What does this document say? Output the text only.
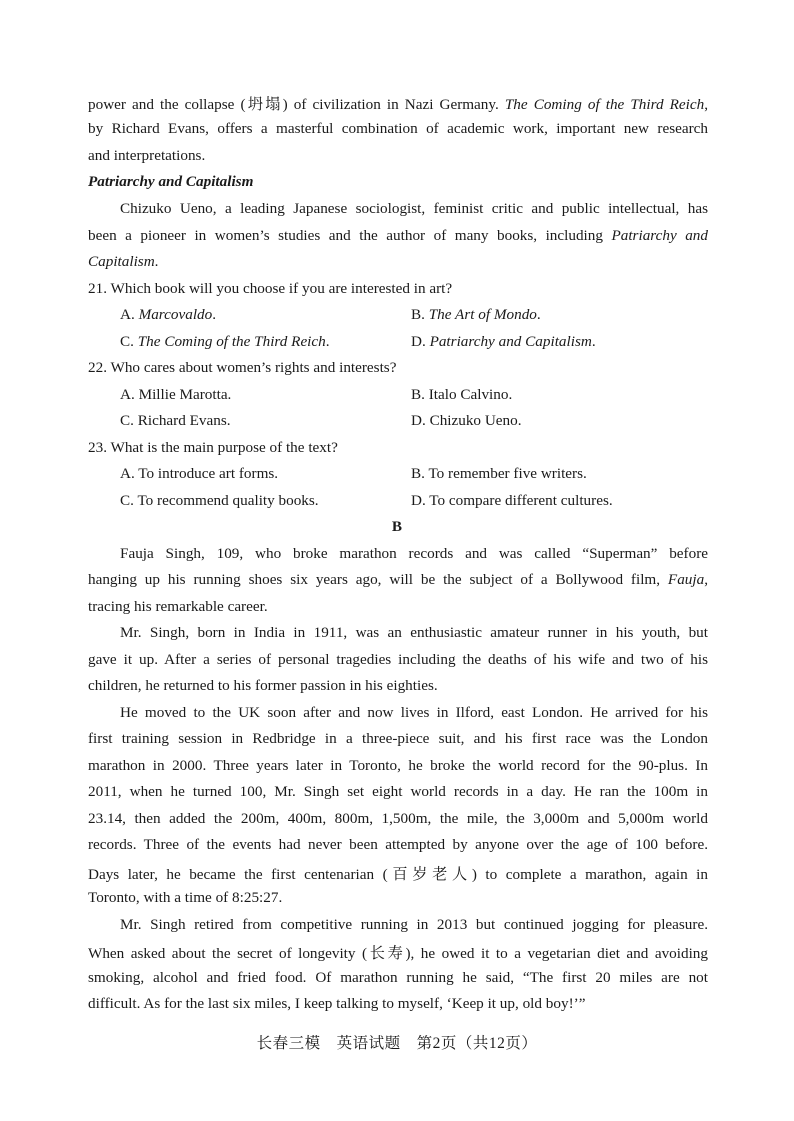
power and the collapse (坍塌) of civilization in Nazi Germany. The Coming of the Third Reich,
by Richard Evans, offers a masterful combination of academic work, important new research
and interpretations.
Patriarchy and Capitalism
Chizuko Ueno, a leading Japanese sociologist, feminist critic and public intellectual, has
been a pioneer in women’s studies and the author of many books, including Patriarchy and
Capitalism.
21. Which book will you choose if you are interested in art?
A. Marcovaldo.	B. The Art of Mondo.
C. The Coming of the Third Reich.	D. Patriarchy and Capitalism.
22. Who cares about women’s rights and interests?
A. Millie Marotta.	B. Italo Calvino.
C. Richard Evans.	D. Chizuko Ueno.
23. What is the main purpose of the text?
A. To introduce art forms.	B. To remember five writers.
C. To recommend quality books.	D. To compare different cultures.
B
Fauja Singh, 109, who broke marathon records and was called “Superman” before
hanging up his running shoes six years ago, will be the subject of a Bollywood film, Fauja,
tracing his remarkable career.
Mr. Singh, born in India in 1911, was an enthusiastic amateur runner in his youth, but
gave it up. After a series of personal tragedies including the deaths of his wife and two of his
children, he returned to his former passion in his eighties.
He moved to the UK soon after and now lives in Ilford, east London. He arrived for his
first training session in Redbridge in a three-piece suit, and his first race was the London
marathon in 2000. Three years later in Toronto, he broke the world record for the 90-plus. In
2011, when he turned 100, Mr. Singh set eight world records in a day. He ran the 100m in
23.14, then added the 200m, 400m, 800m, 1,500m, the mile, the 3,000m and 5,000m world
records. Three of the events had never been attempted by anyone over the age of 100 before.
Days later, he became the first centenarian (百岁老人) to complete a marathon, again in
Toronto, with a time of 8:25:27.
Mr. Singh retired from competitive running in 2013 but continued jogging for pleasure.
When asked about the secret of longevity (长寿), he owed it to a vegetarian diet and avoiding
smoking, alcohol and fried food. Of marathon running he said, “The first 20 miles are not
difficult. As for the last six miles, I keep talking to myself, ‘Keep it up, old boy!’”
长春三模　英语试题　第2页（共12页）
